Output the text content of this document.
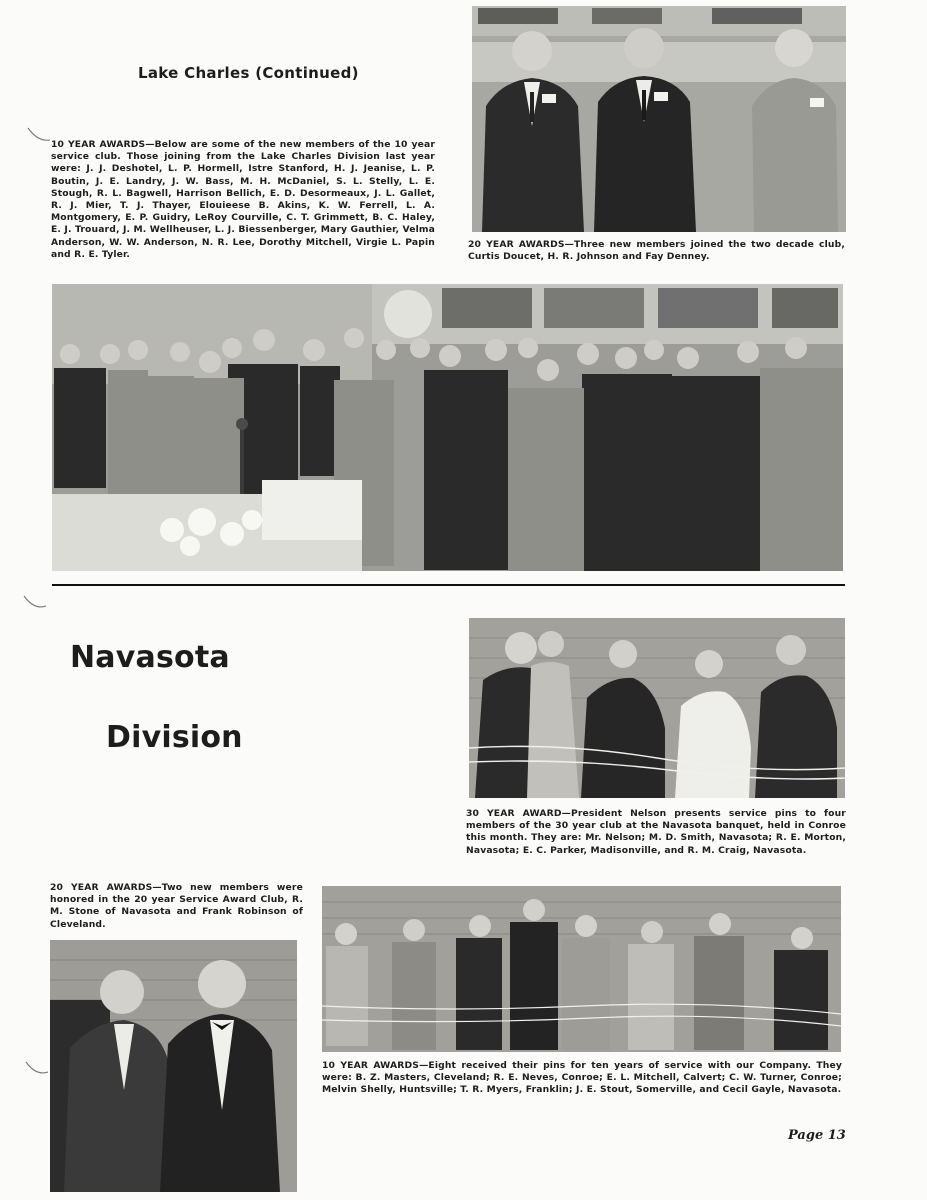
Lake Charles (Continued)
10 YEAR AWARDS—Below are some of the new members of the 10 year service club. Those joining from the Lake Charles Division last year were: J. J. Deshotel, L. P. Hormell, Istre Stanford, H. J. Jeanise, L. P. Boutin, J. E. Landry, J. W. Bass, M. H. McDaniel, S. L. Stelly, L. E. Stough, R. L. Bagwell, Harrison Bellich, E. D. Desormeaux, J. L. Gallet, R. J. Mier, T. J. Thayer, Elouieese B. Akins, K. W. Ferrell, L. A. Montgomery, E. P. Guidry, LeRoy Courville, C. T. Grimmett, B. C. Haley, E. J. Trouard, J. M. Wellheuser, L. J. Biessenberger, Mary Gauthier, Velma Anderson, W. W. Anderson, N. R. Lee, Dorothy Mitchell, Virgie L. Papin and R. E. Tyler.
20 YEAR AWARDS—Three new members joined the two decade club, Curtis Doucet, H. R. Johnson and Fay Denney.
Navasota
Division
30 YEAR AWARD—President Nelson presents service pins to four members of the 30 year club at the Navasota banquet, held in Conroe this month. They are: Mr. Nelson; M. D. Smith, Navasota; R. E. Morton, Navasota; E. C. Parker, Madisonville, and R. M. Craig, Navasota.
20 YEAR AWARDS—Two new members were honored in the 20 year Service Award Club, R. M. Stone of Navasota and Frank Robinson of Cleveland.
10 YEAR AWARDS—Eight received their pins for ten years of service with our Company. They were: B. Z. Masters, Cleveland; R. E. Neves, Conroe; E. L. Mitchell, Calvert; C. W. Turner, Conroe; Melvin Shelly, Huntsville; T. R. Myers, Franklin; J. E. Stout, Somerville, and Cecil Gayle, Navasota.
Page 13
